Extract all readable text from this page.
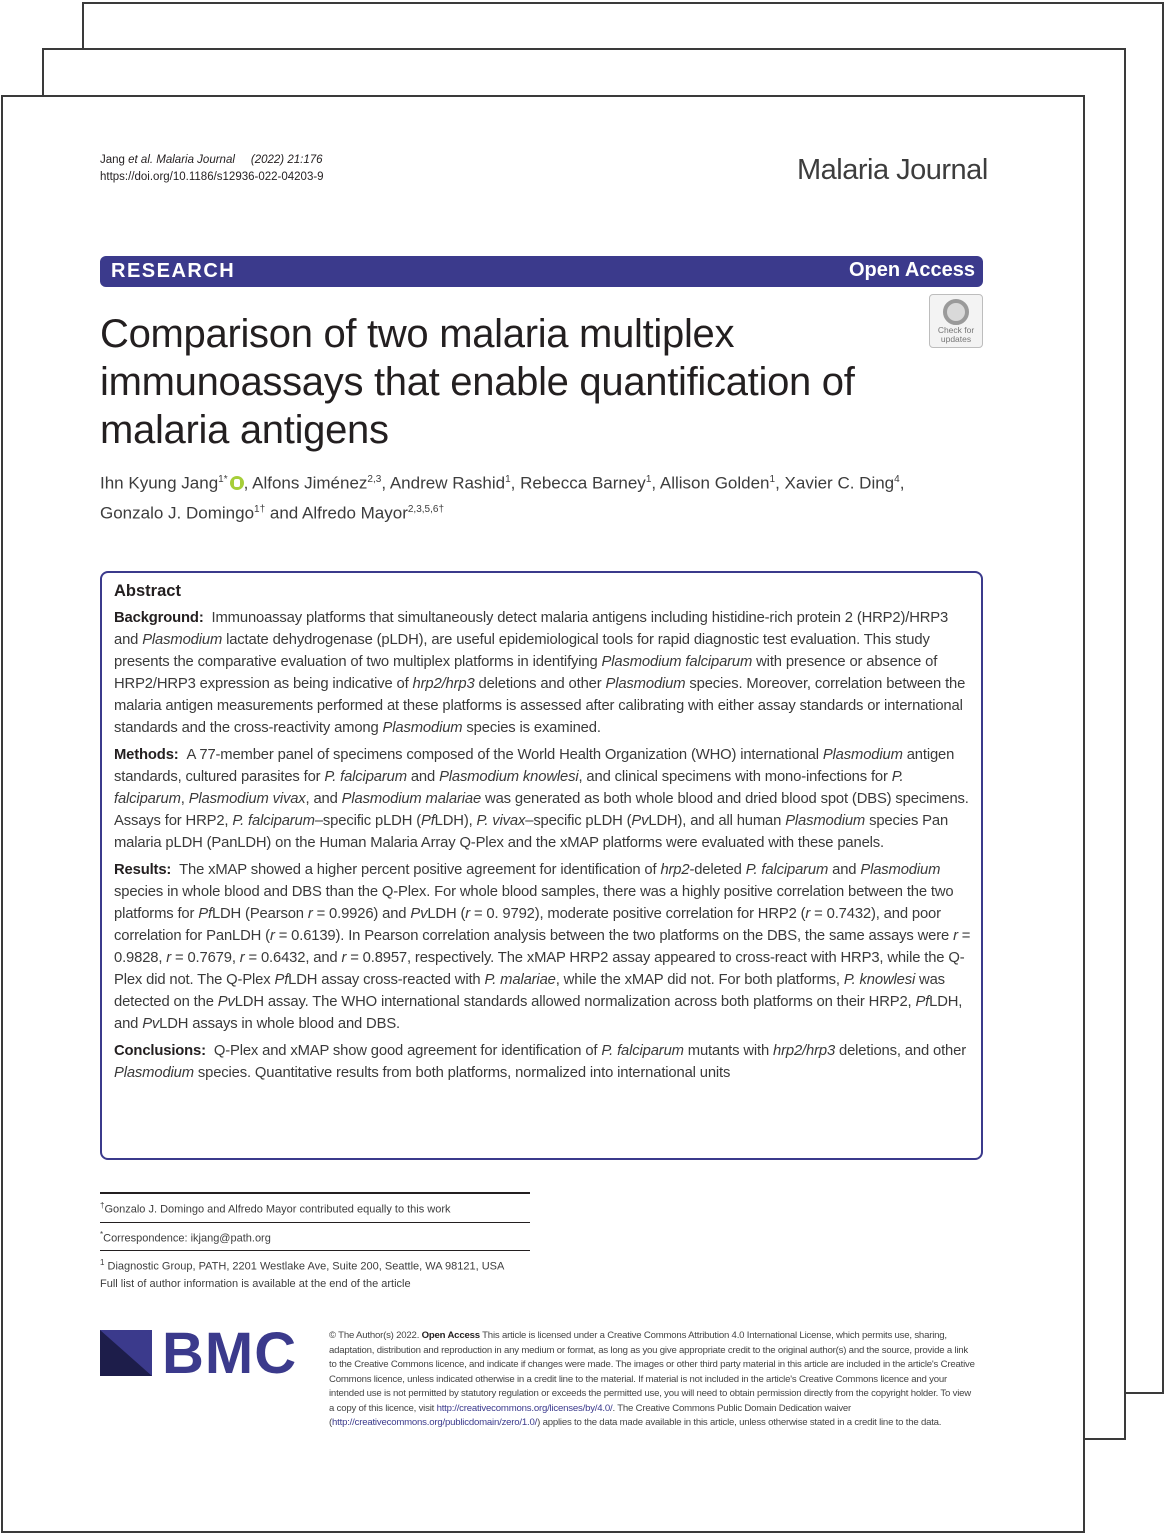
Jang et al. Malaria Journal (2022) 21:176
https://doi.org/10.1186/s12936-022-04203-9	Malaria Journal
RESEARCH	Open Access
Check for
updates
Comparison of two malaria multiplex immunoassays that enable quantification of malaria antigens
Ihn Kyung Jang$^{1*}$ , Alfons Jiménez$^{2,3}$, Andrew Rashid$^1$, Rebecca Barney$^1$, Allison Golden$^1$, Xavier C. Ding$^4$,
Gonzalo J. Domingo$^{1\dagger}$ and Alfredo Mayor$^{2,3,5,6\dagger}$
Abstract

Background: Immunoassay platforms that simultaneously detect malaria antigens including histidine-rich protein 2 (HRP2)/HRP3 and Plasmodium lactate dehydrogenase (pLDH), are useful epidemiological tools for rapid diagnostic test evaluation. This study presents the comparative evaluation of two multiplex platforms in identifying Plasmodium falciparum with presence or absence of HRP2/HRP3 expression as being indicative of hrp2/hrp3 deletions and other Plasmodium species. Moreover, correlation between the malaria antigen measurements performed at these platforms is assessed after calibrating with either assay standards or international standards and the cross-reactivity among Plasmodium species is examined.

Methods: A 77-member panel of specimens composed of the World Health Organization (WHO) international Plasmodium antigen standards, cultured parasites for P. falciparum and Plasmodium knowlesi, and clinical specimens with mono-infections for P. falciparum, Plasmodium vivax, and Plasmodium malariae was generated as both whole blood and dried blood spot (DBS) specimens. Assays for HRP2, P. falciparum–specific pLDH (PfLDH), P. vivax–specific pLDH (PvLDH), and all human Plasmodium species Pan malaria pLDH (PanLDH) on the Human Malaria Array Q-Plex and the xMAP platforms were evaluated with these panels.

Results: The xMAP showed a higher percent positive agreement for identification of hrp2-deleted P. falciparum and Plasmodium species in whole blood and DBS than the Q-Plex. For whole blood samples, there was a highly positive correlation between the two platforms for PfLDH (Pearson r = 0.9926) and PvLDH (r = 0. 9792), moderate positive correlation for HRP2 (r = 0.7432), and poor correlation for PanLDH (r = 0.6139). In Pearson correlation analysis between the two platforms on the DBS, the same assays were r = 0.9828, r = 0.7679, r = 0.6432, and r = 0.8957, respectively. The xMAP HRP2 assay appeared to cross-react with HRP3, while the Q-Plex did not. The Q-Plex PfLDH assay cross-reacted with P. malariae, while the xMAP did not. For both platforms, P. knowlesi was detected on the PvLDH assay. The WHO international standards allowed normalization across both platforms on their HRP2, PfLDH, and PvLDH assays in whole blood and DBS.

Conclusions: Q-Plex and xMAP show good agreement for identification of P. falciparum mutants with hrp2/hrp3 deletions, and other Plasmodium species. Quantitative results from both platforms, normalized into international units

†Gonzalo J. Domingo and Alfredo Mayor contributed equally to this work
*Correspondence: ikjang@path.org
$^1$ Diagnostic Group, PATH, 2201 Westlake Ave, Suite 200, Seattle, WA 98121, USA
Full list of author information is available at the end of the article
BMC	© The Author(s) 2022. Open Access This article is licensed under a Creative Commons Attribution 4.0 International License, which permits use, sharing, adaptation, distribution and reproduction in any medium or format, as long as you give appropriate credit to the original author(s) and the source, provide a link to the Creative Commons licence, and indicate if changes were made. The images or other third party material in this article are included in the article's Creative Commons licence, unless indicated otherwise in a credit line to the material. If material is not included in the article's Creative Commons licence and your intended use is not permitted by statutory regulation or exceeds the permitted use, you will need to obtain permission directly from the copyright holder. To view a copy of this licence, visit http://creativecommons.org/licenses/by/4.0/. The Creative Commons Public Domain Dedication waiver (http://creativecommons.org/publicdomain/zero/1.0/) applies to the data made available in this article, unless otherwise stated in a credit line to the data.
